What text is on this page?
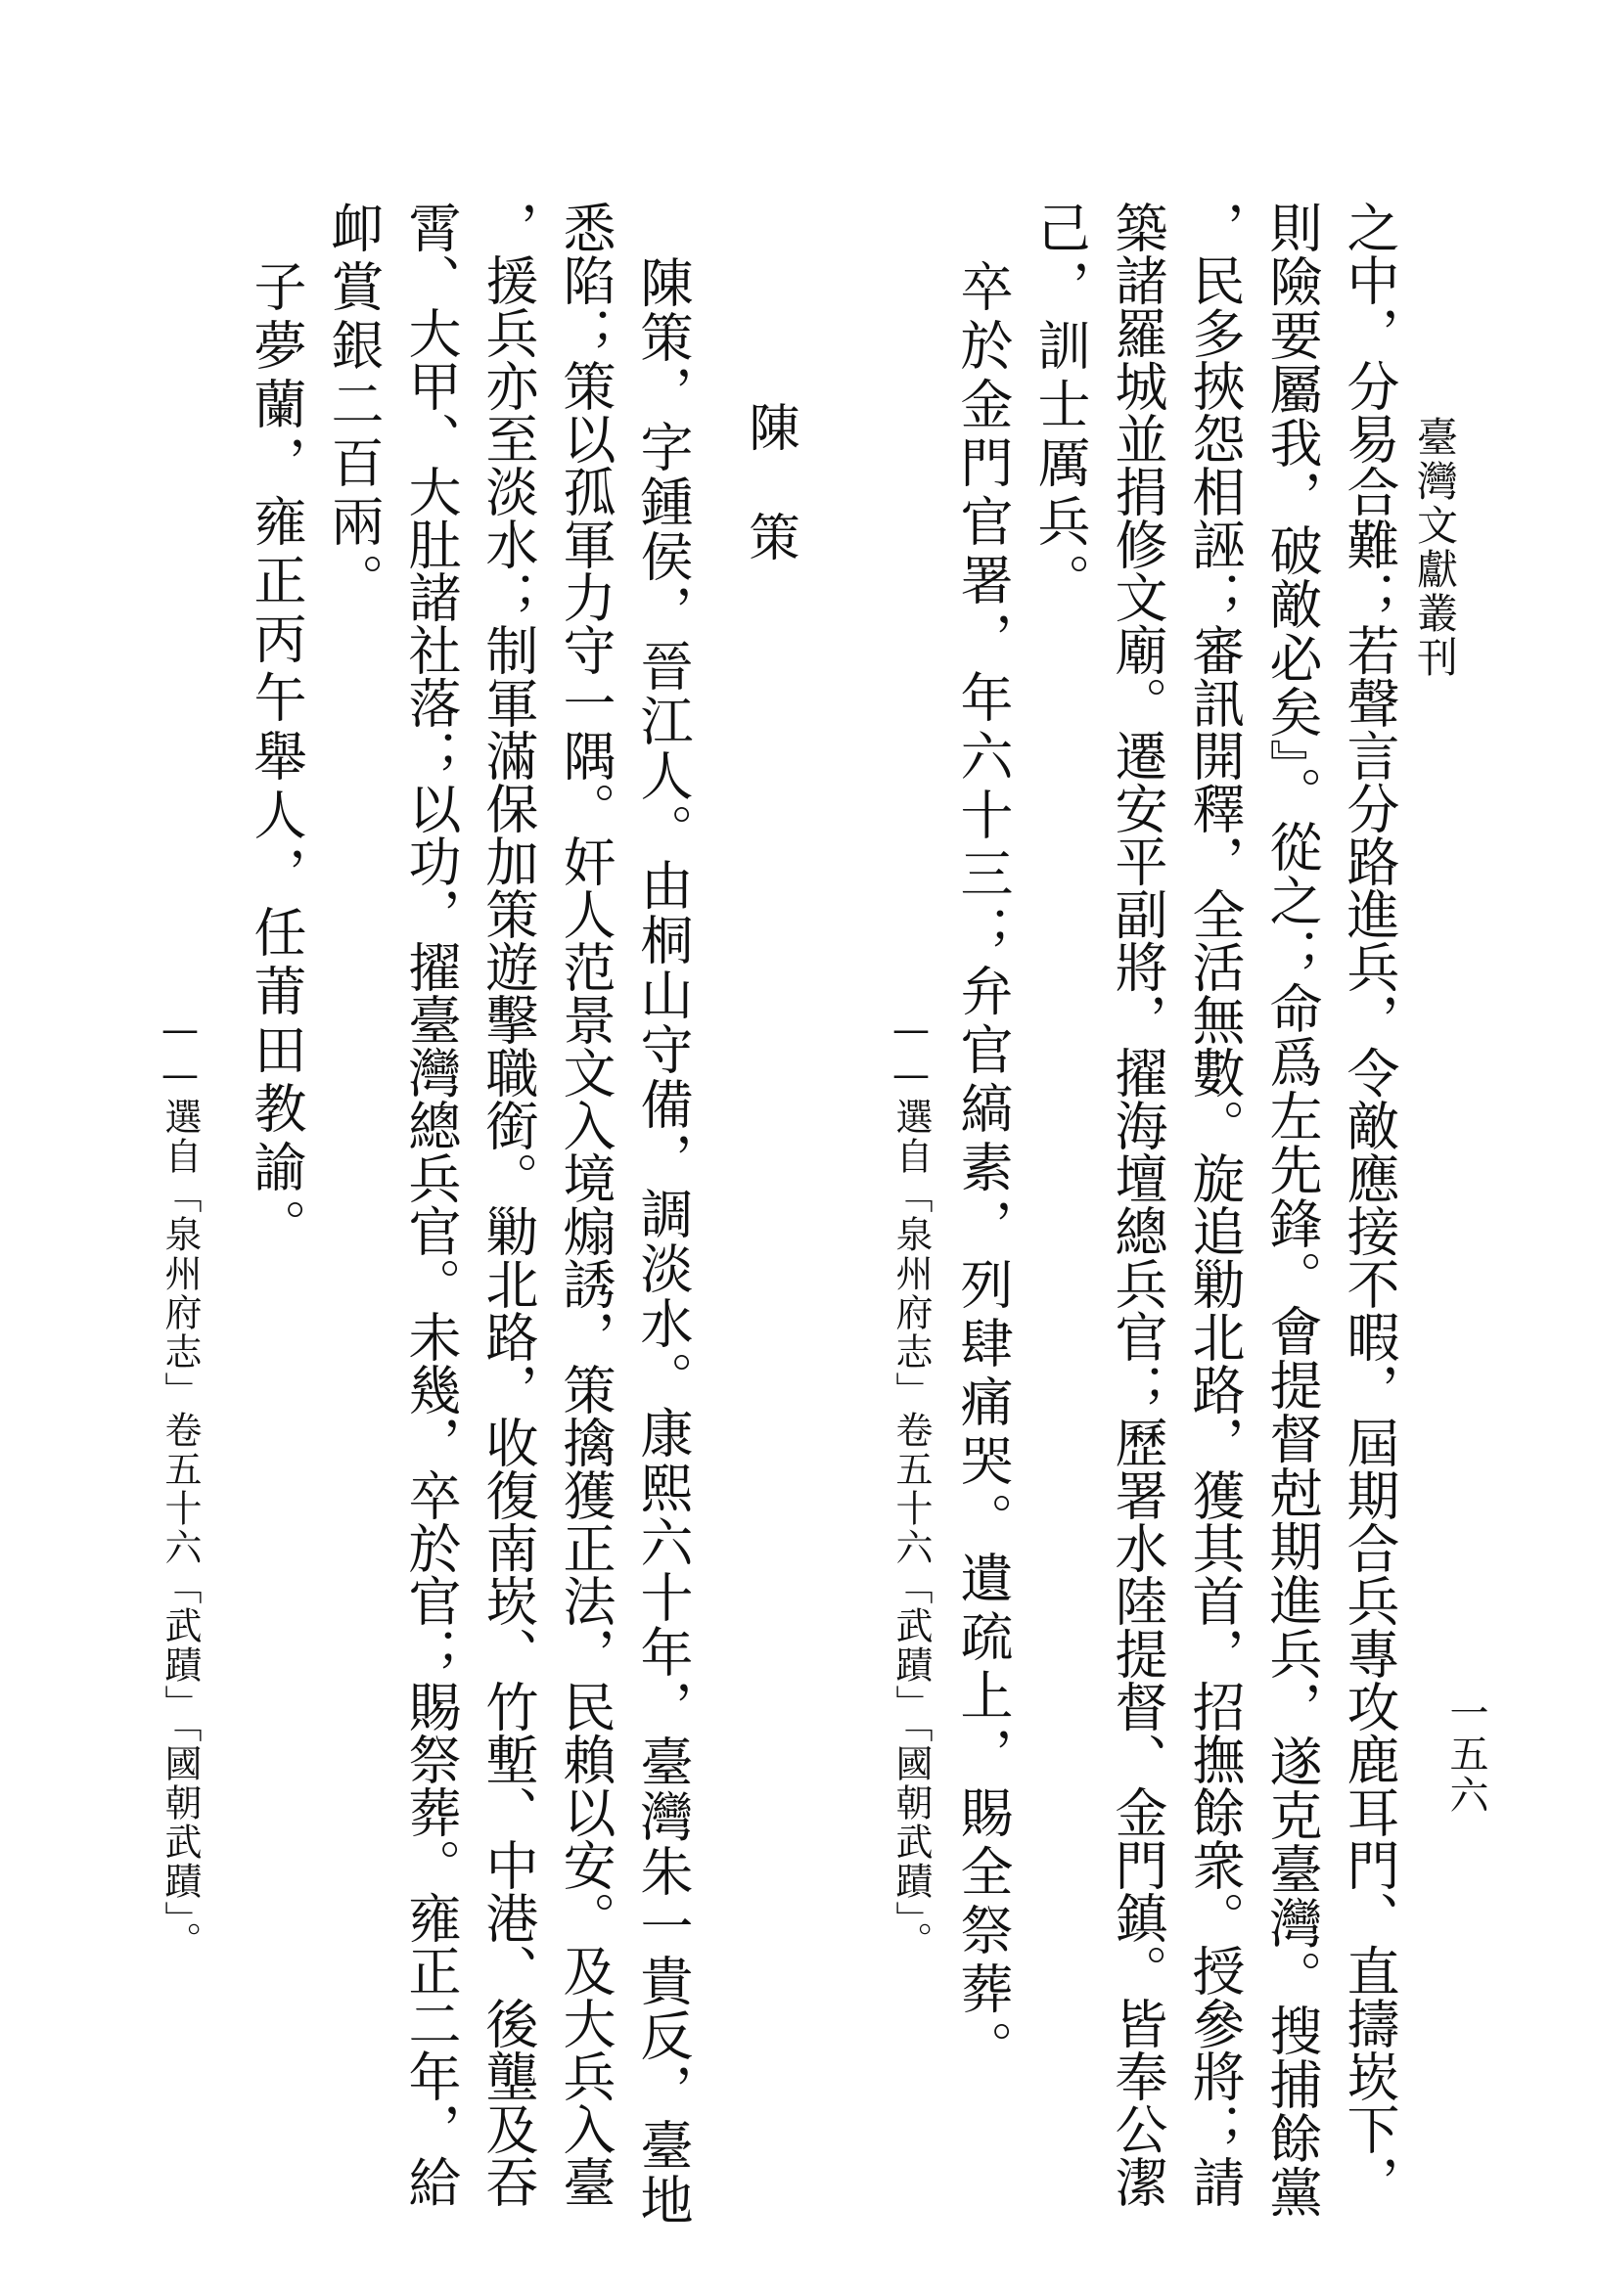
臺灣文獻叢刊
一五六
之中，分易合難；若聲言分路進兵，令敵應接不暇，屆期合兵專攻鹿耳門、直擣崁下，
則險要屬我，破敵必矣』。從之；命爲左先鋒。會提督尅期進兵，遂克臺灣。搜捕餘黨
，民多挾怨相誣；審訊開釋，全活無數。旋追勦北路，獲其首，招撫餘衆。授參將；請
築諸羅城並捐修文廟。遷安平副將，擢海壇總兵官；歷署水陸提督、金門鎮。皆奉公潔
己，訓士厲兵。
　卒於金門官署，年六十三；弁官縞素，列肆痛哭。遺疏上，賜全祭葬。
——選自「泉州府志」卷五十六「武蹟」「國朝武蹟」。
陳策
　陳策，字鍾侯，晉江人。由桐山守備，調淡水。康熙六十年，臺灣朱一貴反，臺地
悉陷；策以孤軍力守一隅。奸人范景文入境煽誘，策擒獲正法，民賴以安。及大兵入臺
，援兵亦至淡水；制軍滿保加策遊擊職銜。勦北路，收復南崁、竹塹、中港、後壟及吞
霄、大甲、大肚諸社落；以功，擢臺灣總兵官。未幾，卒於官；賜祭葬。雍正二年，給
卹賞銀二百兩。
　子夢蘭，雍正丙午舉人，任莆田教諭。
——選自「泉州府志」卷五十六「武蹟」「國朝武蹟」。
